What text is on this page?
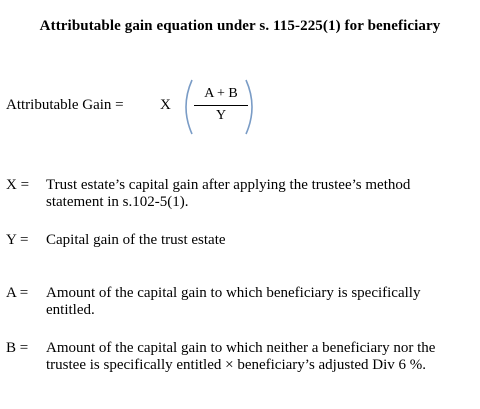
Attributable gain equation under s. 115-225(1) for beneficiary
Attributable Gain = X
A + B
Y
X = Trust estate’s capital gain after applying the trustee’s method
statement in s.102-5(1).
Y = Capital gain of the trust estate
A = Amount of the capital gain to which beneficiary is specifically
entitled.
B = Amount of the capital gain to which neither a beneficiary nor the
trustee is specifically entitled × beneficiary’s adjusted Div 6 %.
